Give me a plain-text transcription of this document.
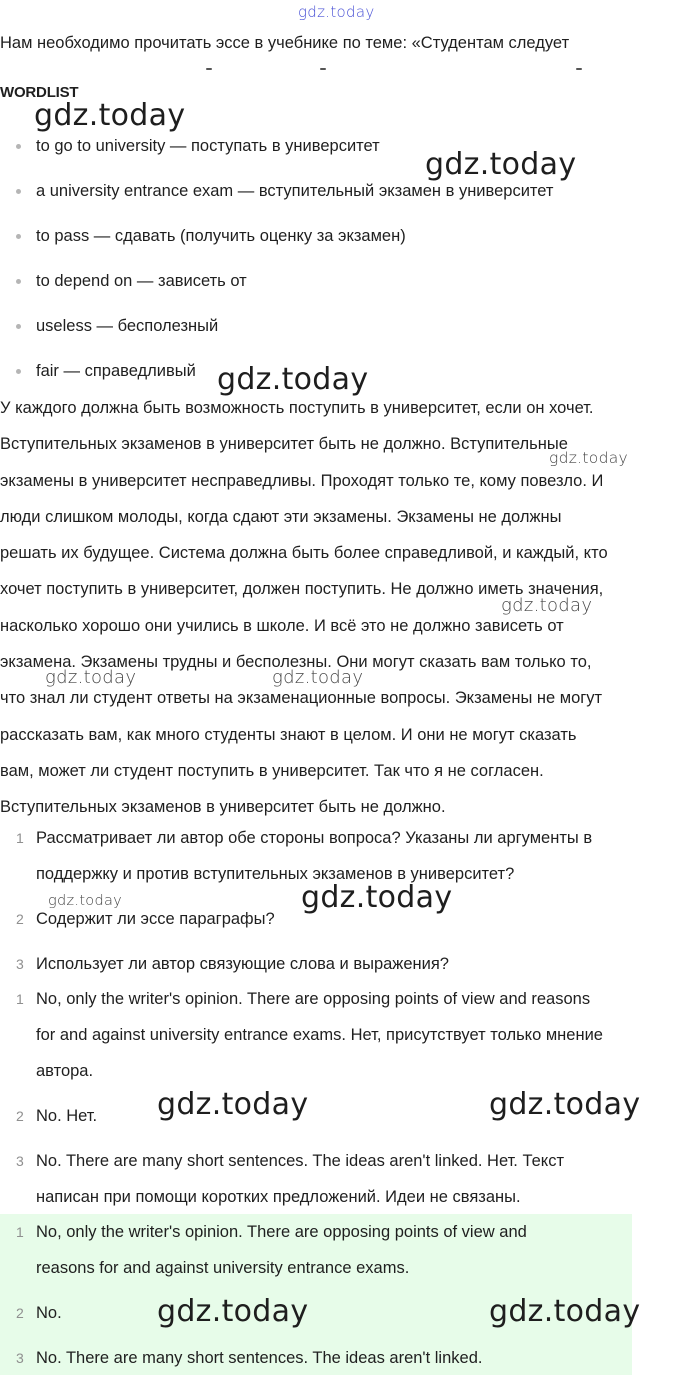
gdz.today
Нам необходимо прочитать эссе в учебнике по теме: «Студентам следует
WORDLIST
to go to university — поступать в университет
a university entrance exam — вступительный экзамен в университет
to pass — сдавать (получить оценку за экзамен)
to depend on — зависеть от
useless — бесполезный
fair — справедливый

У каждого должна быть возможность поступить в университет, если он хочет.
Вступительных экзаменов в университет быть не должно. Вступительные
экзамены в университет несправедливы. Проходят только те, кому повезло. И
люди слишком молоды, когда сдают эти экзамены. Экзамены не должны
решать их будущее. Система должна быть более справедливой, и каждый, кто
хочет поступить в университет, должен поступить. Не должно иметь значения,
насколько хорошо они учились в школе. И всё это не должно зависеть от
экзамена. Экзамены трудны и бесполезны. Они могут сказать вам только то,
что знал ли студент ответы на экзаменационные вопросы. Экзамены не могут
рассказать вам, как много студенты знают в целом. И они не могут сказать
вам, может ли студент поступить в университет. Так что я не согласен.
Вступительных экзаменов в университет быть не должно.

1 Рассматривает ли автор обе стороны вопроса? Указаны ли аргументы в
поддержку и против вступительных экзаменов в университет?
2 Содержит ли эссе параграфы?
3 Использует ли автор связующие слова и выражения?
1 No, only the writer's opinion. There are opposing points of view and reasons
for and against university entrance exams. Нет, присутствует только мнение
автора.
2 No. Нет.
3 No. There are many short sentences. The ideas aren't linked. Нет. Текст
написан при помощи коротких предложений. Идеи не связаны.
1 No, only the writer's opinion. There are opposing points of view and
reasons for and against university entrance exams.
2 No.
3 No. There are many short sentences. The ideas aren't linked.
gdz.today
gdz.today
gdz.today
gdz.today
gdz.today
gdz.today	gdz.today
gdz.today	gdz.today
gdz.today	gdz.today
gdz.today	gdz.today
